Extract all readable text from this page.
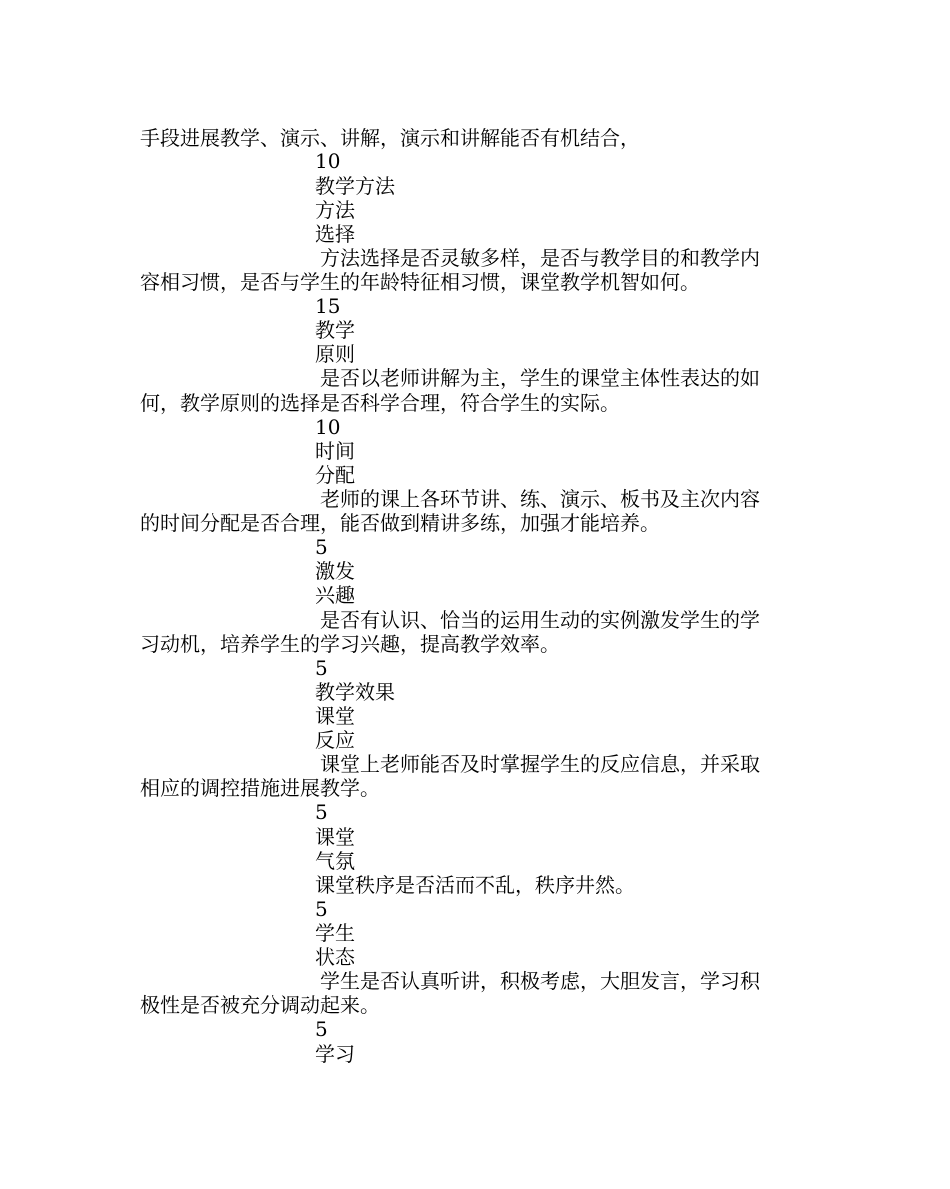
手段进展教学、演示、讲解，演示和讲解能否有机结合，
10
教学方法
方法
选择
方法选择是否灵敏多样，是否与教学目的和教学内
容相习惯，是否与学生的年龄特征相习惯，课堂教学机智如何。
15
教学
原则
是否以老师讲解为主，学生的课堂主体性表达的如
何，教学原则的选择是否科学合理，符合学生的实际。
10
时间
分配
老师的课上各环节讲、练、演示、板书及主次内容
的时间分配是否合理，能否做到精讲多练，加强才能培养。
5
激发
兴趣
是否有认识、恰当的运用生动的实例激发学生的学
习动机，培养学生的学习兴趣，提高教学效率。
5
教学效果
课堂
反应
课堂上老师能否及时掌握学生的反应信息，并采取
相应的调控措施进展教学。
5
课堂
气氛
课堂秩序是否活而不乱，秩序井然。
5
学生
状态
学生是否认真听讲，积极考虑，大胆发言，学习积
极性是否被充分调动起来。
5
学习
